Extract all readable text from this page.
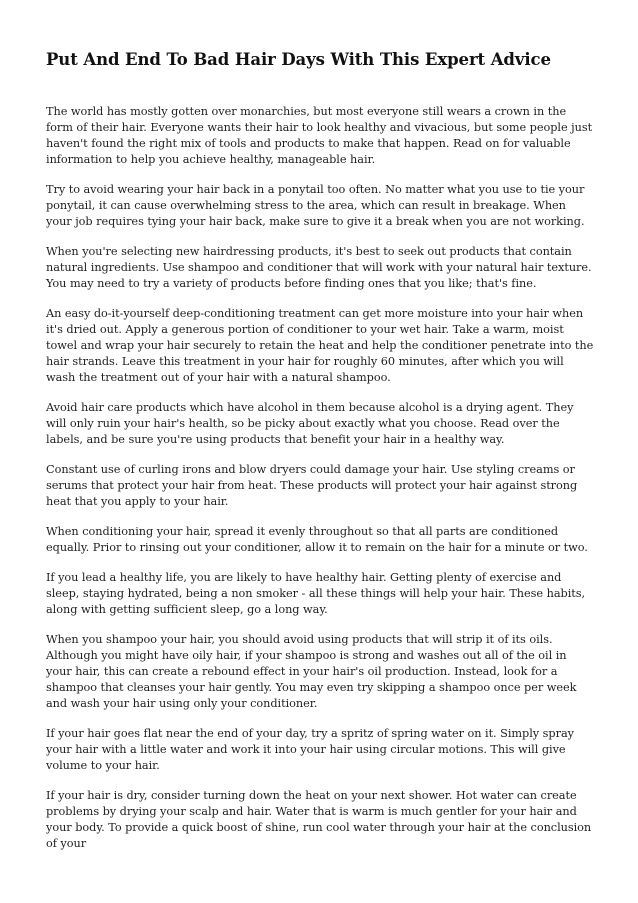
Put And End To Bad Hair Days With This Expert Advice

The world has mostly gotten over monarchies, but most everyone still wears a crown in the form of their hair. Everyone wants their hair to look healthy and vivacious, but some people just haven't found the right mix of tools and products to make that happen. Read on for valuable information to help you achieve healthy, manageable hair.

Try to avoid wearing your hair back in a ponytail too often. No matter what you use to tie your ponytail, it can cause overwhelming stress to the area, which can result in breakage. When your job requires tying your hair back, make sure to give it a break when you are not working.

When you're selecting new hairdressing products, it's best to seek out products that contain natural ingredients. Use shampoo and conditioner that will work with your natural hair texture. You may need to try a variety of products before finding ones that you like; that's fine.

An easy do-it-yourself deep-conditioning treatment can get more moisture into your hair when it's dried out. Apply a generous portion of conditioner to your wet hair. Take a warm, moist towel and wrap your hair securely to retain the heat and help the conditioner penetrate into the hair strands. Leave this treatment in your hair for roughly 60 minutes, after which you will wash the treatment out of your hair with a natural shampoo.

Avoid hair care products which have alcohol in them because alcohol is a drying agent. They will only ruin your hair's health, so be picky about exactly what you choose. Read over the labels, and be sure you're using products that benefit your hair in a healthy way.

Constant use of curling irons and blow dryers could damage your hair. Use styling creams or serums that protect your hair from heat. These products will protect your hair against strong heat that you apply to your hair.

When conditioning your hair, spread it evenly throughout so that all parts are conditioned equally. Prior to rinsing out your conditioner, allow it to remain on the hair for a minute or two.

If you lead a healthy life, you are likely to have healthy hair. Getting plenty of exercise and sleep, staying hydrated, being a non smoker - all these things will help your hair. These habits, along with getting sufficient sleep, go a long way.

When you shampoo your hair, you should avoid using products that will strip it of its oils. Although you might have oily hair, if your shampoo is strong and washes out all of the oil in your hair, this can create a rebound effect in your hair's oil production. Instead, look for a shampoo that cleanses your hair gently. You may even try skipping a shampoo once per week and wash your hair using only your conditioner.

If your hair goes flat near the end of your day, try a spritz of spring water on it. Simply spray your hair with a little water and work it into your hair using circular motions. This will give volume to your hair.

If your hair is dry, consider turning down the heat on your next shower. Hot water can create problems by drying your scalp and hair. Water that is warm is much gentler for your hair and your body. To provide a quick boost of shine, run cool water through your hair at the conclusion of your
